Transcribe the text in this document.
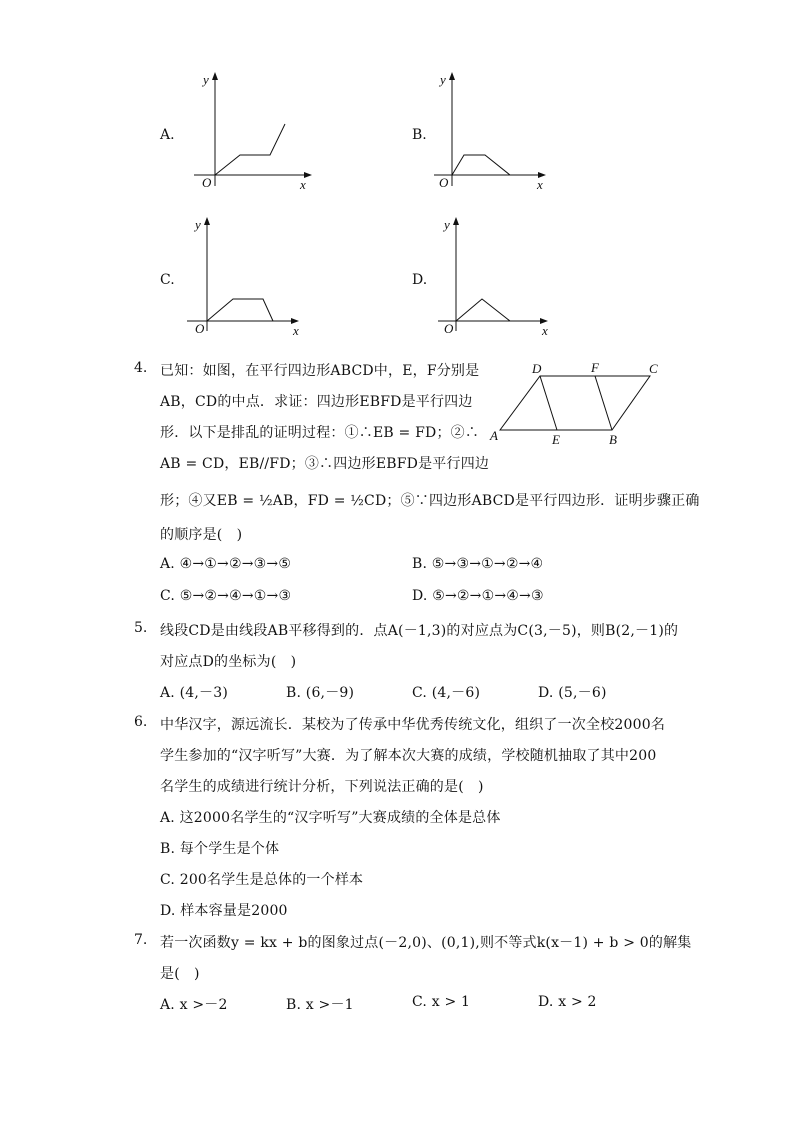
A.
y
x
O
B.
y
x
O
C.
y
x
O
D.
y
x
O
4. 已知：如图，在平行四边形ABCD中，E，F分别是
AB，CD的中点．求证：四边形EBFD是平行四边
形．以下是排乱的证明过程：①∴EB = FD；②∴
AB = CD，EB//FD；③∴四边形EBFD是平行四边
形；④又EB = ½AB，FD = ½CD；⑤∵四边形ABCD是平行四边形．证明步骤正确
的顺序是(　)
D	F	C
A	E	B
A. ④→①→②→③→⑤	B. ⑤→③→①→②→④
C. ⑤→②→④→①→③	D. ⑤→②→①→④→③
5. 线段CD是由线段AB平移得到的．点A(－1,3)的对应点为C(3,－5)，则B(2,－1)的
对应点D的坐标为(　)
A. (4,－3)	B. (6,－9)	C. (4,－6)	D. (5,－6)
6. 中华汉字，源远流长．某校为了传承中华优秀传统文化，组织了一次全校2000名
学生参加的“汉字听写”大赛．为了解本次大赛的成绩，学校随机抽取了其中200
名学生的成绩进行统计分析，下列说法正确的是(　)
A. 这2000名学生的“汉字听写”大赛成绩的全体是总体
B. 每个学生是个体
C. 200名学生是总体的一个样本
D. 样本容量是2000
7. 若一次函数y = kx + b的图象过点(－2,0)、(0,1),则不等式k(x－1) + b > 0的解集
是(　)
A. x >－2	B. x >－1	C. x > 1	D. x > 2
